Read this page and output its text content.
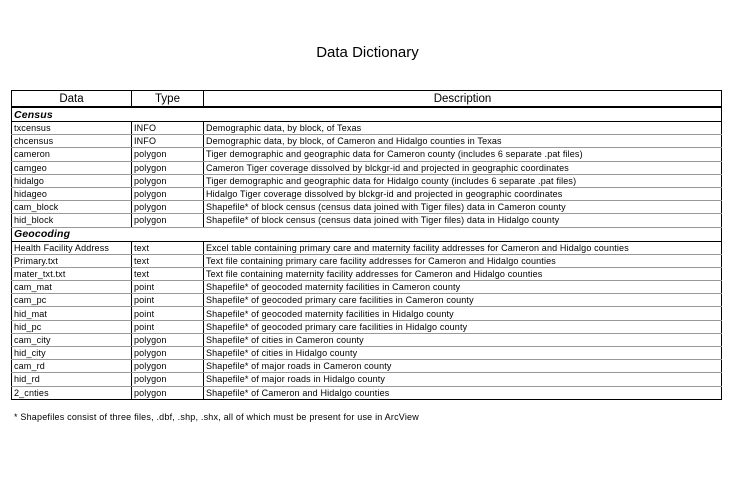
Data Dictionary
Data	Type	Description
Census		
txcensus	INFO	Demographic data, by block, of Texas
chcensus	INFO	Demographic data, by block, of Cameron and Hidalgo counties in Texas
cameron	polygon	Tiger demographic and geographic data for Cameron county (includes 6 separate .pat files)
camgeo	polygon	Cameron Tiger coverage dissolved by blckgr-id and projected in geographic coordinates
hidalgo	polygon	Tiger demographic and geographic data for Hidalgo county (includes 6 separate .pat files)
hidageo	polygon	Hidalgo Tiger coverage dissolved by blckgr-id and projected in geographic coordinates
cam_block	polygon	Shapefile* of block census (census data joined with Tiger files) data in Cameron county
hid_block	polygon	Shapefile* of block census (census data joined with Tiger files) data in Hidalgo county
Geocoding		
Health Facility Address	text	Excel table containing primary care and maternity facility addresses for Cameron and Hidalgo counties
Primary.txt	text	Text file containing primary care facility addresses for Cameron and Hidalgo counties
mater_txt.txt	text	Text file containing maternity facility addresses for Cameron and Hidalgo counties
cam_mat	point	Shapefile* of geocoded maternity facilities in Cameron county
cam_pc	point	Shapefile* of geocoded primary care facilities in Cameron county
hid_mat	point	Shapefile* of geocoded maternity facilities in Hidalgo county
hid_pc	point	Shapefile* of geocoded primary care facilities in Hidalgo county
cam_city	polygon	Shapefile* of cities in Cameron county
hid_city	polygon	Shapefile* of cities in Hidalgo county
cam_rd	polygon	Shapefile* of major roads in Cameron county
hid_rd	polygon	Shapefile* of major roads in Hidalgo county
2_cnties	polygon	Shapefile* of Cameron and Hidalgo counties
* Shapefiles consist of three files, .dbf, .shp, .shx, all of which must be present for use in ArcView
